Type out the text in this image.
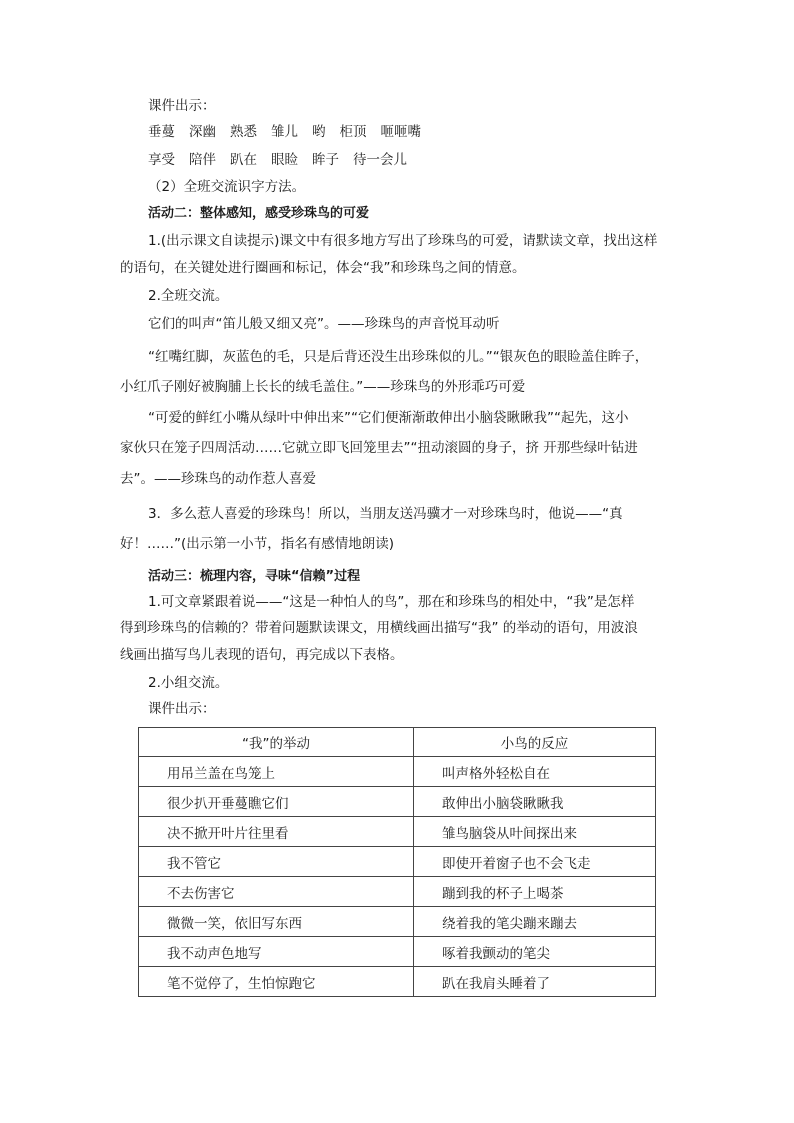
课件出示：
垂蔓 深幽 熟悉 雏儿 哟 柜顶 咂咂嘴
享受 陪伴 趴在 眼睑 眸子 待一会儿
（2）全班交流识字方法。
活动二：整体感知，感受珍珠鸟的可爱
1.(出示课文自读提示)课文中有很多地方写出了珍珠鸟的可爱，请默读文章，找出这样
的语句，在关键处进行圈画和标记，体会“我”和珍珠鸟之间的情意。
2.全班交流。
它们的叫声“笛儿般又细又亮”。——珍珠鸟的声音悦耳动听
“红嘴红脚，灰蓝色的毛，只是后背还没生出珍珠似的儿。”“银灰色的眼睑盖住眸子，
小红爪子刚好被胸脯上长长的绒毛盖住。”——珍珠鸟的外形乖巧可爱
“可爱的鲜红小嘴从绿叶中伸出来”“它们便渐渐敢伸出小脑袋瞅瞅我”“起先，这小
家伙只在笼子四周活动……它就立即飞回笼里去”“扭动滚圆的身子，挤 开那些绿叶钻进
去”。——珍珠鸟的动作惹人喜爱
3．多么惹人喜爱的珍珠鸟！所以，当朋友送冯骥才一对珍珠鸟时，他说——“真
好！……”(出示第一小节，指名有感情地朗读)
活动三：梳理内容，寻味“信赖”过程
1.可文章紧跟着说——“这是一种怕人的鸟”，那在和珍珠鸟的相处中，“我”是怎样
得到珍珠鸟的信赖的？带着问题默读课文，用横线画出描写“我” 的举动的语句，用波浪
线画出描写鸟儿表现的语句，再完成以下表格。
2.小组交流。
课件出示：
“我”的举动	小鸟的反应
用吊兰盖在鸟笼上	叫声格外轻松自在
很少扒开垂蔓瞧它们	敢伸出小脑袋瞅瞅我
决不掀开叶片往里看	雏鸟脑袋从叶间探出来
我不管它	即使开着窗子也不会飞走
不去伤害它	蹦到我的杯子上喝茶
微微一笑，依旧写东西	绕着我的笔尖蹦来蹦去
我不动声色地写	啄着我颤动的笔尖
笔不觉停了，生怕惊跑它	趴在我肩头睡着了
